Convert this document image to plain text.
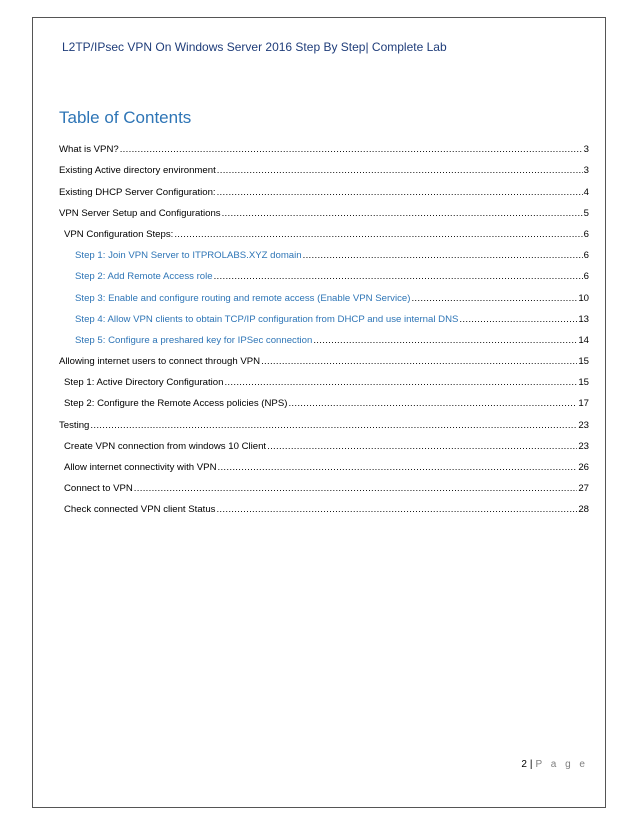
L2TP/IPsec VPN On Windows Server 2016 Step By Step| Complete Lab
Table of Contents
What is VPN? .....	3
Existing Active directory environment .....	3
Existing DHCP Server Configuration: .....	4
VPN Server Setup and Configurations .....	5
VPN Configuration Steps: .....	6
Step 1: Join VPN Server to ITPROLABS.XYZ domain .....	6
Step 2: Add Remote Access role .....	6
Step 3: Enable and configure routing and remote access (Enable VPN Service) .....	10
Step 4: Allow VPN clients to obtain TCP/IP configuration from DHCP and use internal DNS .....	13
Step 5: Configure a preshared key for IPSec connection .....	14
Allowing internet users to connect through VPN .....	15
Step 1: Active Directory Configuration .....	15
Step 2: Configure the Remote Access policies (NPS) .....	17
Testing .....	23
Create VPN connection from windows 10 Client .....	23
Allow internet connectivity with VPN .....	26
Connect to VPN .....	27
Check connected VPN client Status .....	28
2 | P a g e
